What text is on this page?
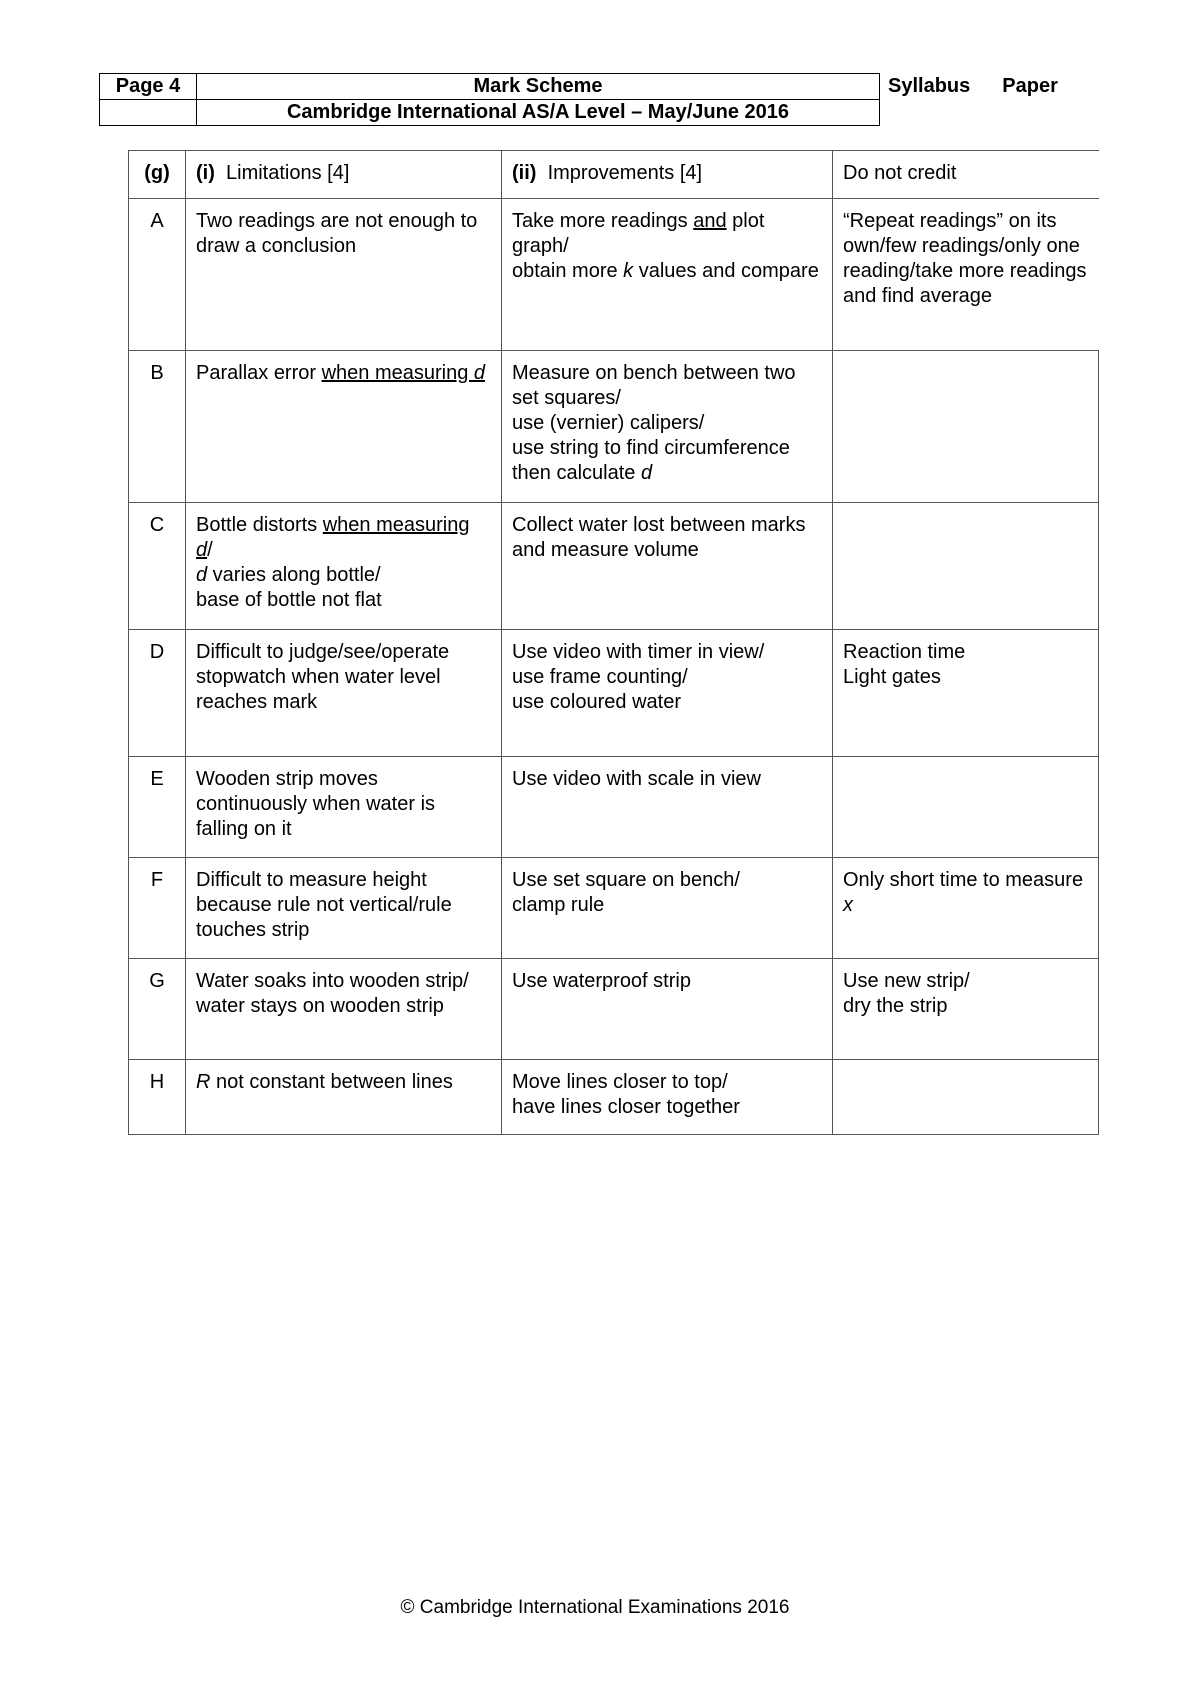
Page 4	Mark Scheme
	Cambridge International AS/A Level – May/June 2016
Syllabus Paper
(g)	(i) Limitations [4]	(ii) Improvements [4]	Do not credit
A	Two readings are not enough to draw a conclusion	Take more readings and plot graph/
obtain more k values and compare	“Repeat readings” on its own/few readings/only one reading/take more readings and find average
B	Parallax error when measuring d	Measure on bench between two set squares/
use (vernier) calipers/
use string to find circumference then calculate d	
C	Bottle distorts when measuring d/
d varies along bottle/
base of bottle not flat	Collect water lost between marks and measure volume	
D	Difficult to judge/see/operate stopwatch when water level reaches mark	Use video with timer in view/
use frame counting/
use coloured water	Reaction time
Light gates
E	Wooden strip moves continuously when water is falling on it	Use video with scale in view	
F	Difficult to measure height because rule not vertical/rule touches strip	Use set square on bench/
clamp rule	Only short time to measure x
G	Water soaks into wooden strip/
water stays on wooden strip	Use waterproof strip	Use new strip/
dry the strip
H	R not constant between lines	Move lines closer to top/
have lines closer together	
© Cambridge International Examinations 2016
